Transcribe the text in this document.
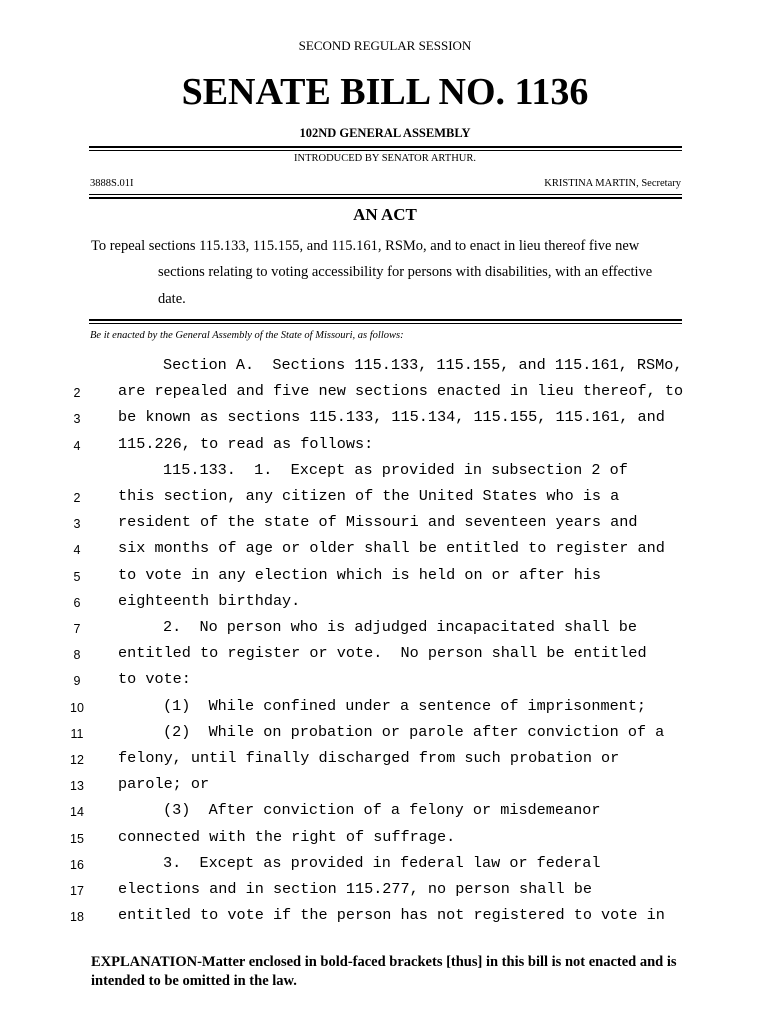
SECOND REGULAR SESSION
SENATE BILL NO. 1136
102ND GENERAL ASSEMBLY
INTRODUCED BY SENATOR ARTHUR.
3888S.01I	KRISTINA MARTIN, Secretary
AN ACT
To repeal sections 115.133, 115.155, and 115.161, RSMo, and to enact in lieu thereof five new
sections relating to voting accessibility for persons with disabilities, with an effective
date.
Be it enacted by the General Assembly of the State of Missouri, as follows:
Section A.  Sections 115.133, 115.155, and 115.161, RSMo,
2	are repealed and five new sections enacted in lieu thereof, to
3	be known as sections 115.133, 115.134, 115.155, 115.161, and
4	115.226, to read as follows:
115.133.  1.  Except as provided in subsection 2 of
2	this section, any citizen of the United States who is a
3	resident of the state of Missouri and seventeen years and
4	six months of age or older shall be entitled to register and
5	to vote in any election which is held on or after his
6	eighteenth birthday.
7	2.  No person who is adjudged incapacitated shall be
8	entitled to register or vote.  No person shall be entitled
9	to vote:
10	(1)  While confined under a sentence of imprisonment;
11	(2)  While on probation or parole after conviction of a
12	felony, until finally discharged from such probation or
13	parole; or
14	(3)  After conviction of a felony or misdemeanor
15	connected with the right of suffrage.
16	3.  Except as provided in federal law or federal
17	elections and in section 115.277, no person shall be
18	entitled to vote if the person has not registered to vote in
EXPLANATION-Matter enclosed in bold-faced brackets [thus] in this bill is not enacted and is intended to be omitted in the law.
